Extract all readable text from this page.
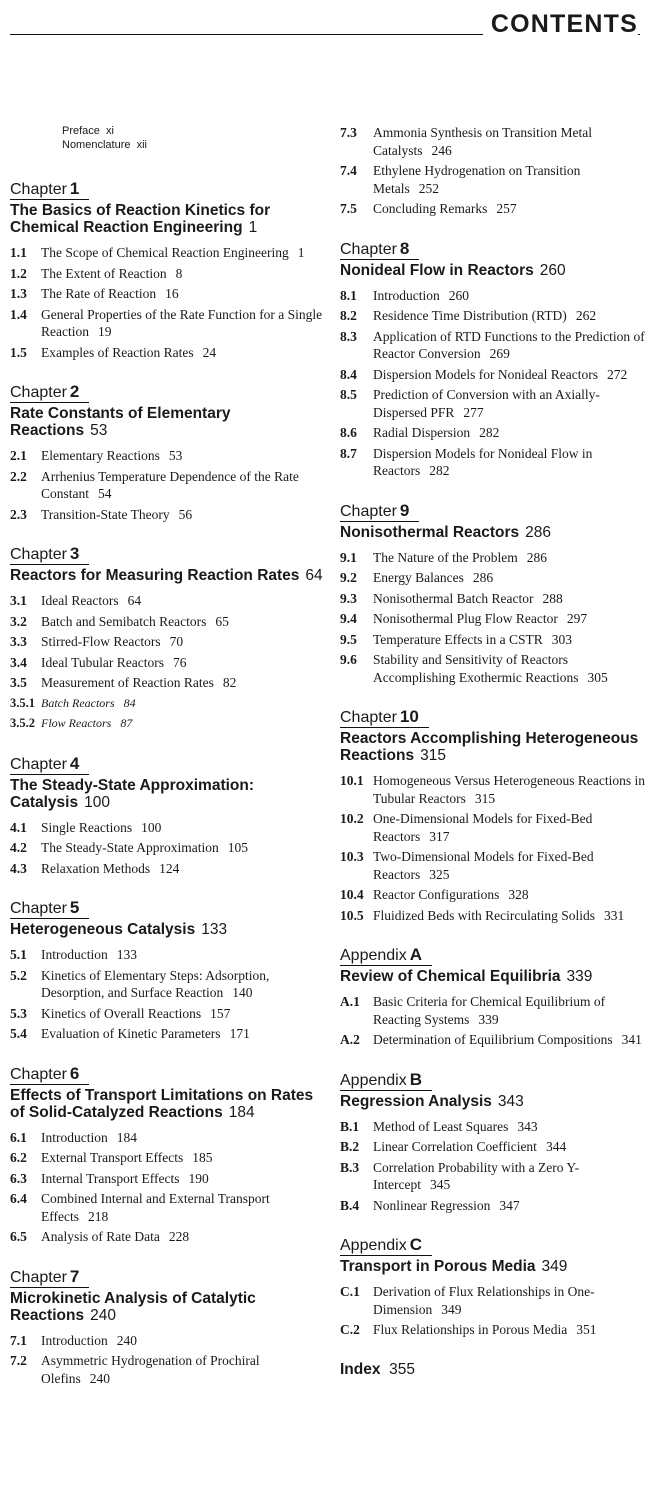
CONTENTS
Preface xi
Nomenclature xii
Chapter 1
The Basics of Reaction Kinetics for Chemical Reaction Engineering 1
1.1	The Scope of Chemical Reaction Engineering 1
1.2	The Extent of Reaction 8
1.3	The Rate of Reaction 16
1.4	General Properties of the Rate Function for a Single Reaction 19
1.5	Examples of Reaction Rates 24
Chapter 2
Rate Constants of Elementary Reactions 53
2.1	Elementary Reactions 53
2.2	Arrhenius Temperature Dependence of the Rate Constant 54
2.3	Transition-State Theory 56
Chapter 3
Reactors for Measuring Reaction Rates 64
3.1	Ideal Reactors 64
3.2	Batch and Semibatch Reactors 65
3.3	Stirred-Flow Reactors 70
3.4	Ideal Tubular Reactors 76
3.5	Measurement of Reaction Rates 82
3.5.1 Batch Reactors 84
3.5.2 Flow Reactors 87
Chapter 4
The Steady-State Approximation: Catalysis 100
4.1	Single Reactions 100
4.2	The Steady-State Approximation 105
4.3	Relaxation Methods 124
Chapter 5
Heterogeneous Catalysis 133
5.1	Introduction 133
5.2	Kinetics of Elementary Steps: Adsorption, Desorption, and Surface Reaction 140
5.3	Kinetics of Overall Reactions 157
5.4	Evaluation of Kinetic Parameters 171
Chapter 6
Effects of Transport Limitations on Rates of Solid-Catalyzed Reactions 184
6.1	Introduction 184
6.2	External Transport Effects 185
6.3	Internal Transport Effects 190
6.4	Combined Internal and External Transport Effects 218
6.5	Analysis of Rate Data 228
Chapter 7
Microkinetic Analysis of Catalytic Reactions 240
7.1	Introduction 240
7.2	Asymmetric Hydrogenation of Prochiral Olefins 240
7.3	Ammonia Synthesis on Transition Metal Catalysts 246
7.4	Ethylene Hydrogenation on Transition Metals 252
7.5	Concluding Remarks 257
Chapter 8
Nonideal Flow in Reactors 260
8.1	Introduction 260
8.2	Residence Time Distribution (RTD) 262
8.3	Application of RTD Functions to the Prediction of Reactor Conversion 269
8.4	Dispersion Models for Nonideal Reactors 272
8.5	Prediction of Conversion with an Axially-Dispersed PFR 277
8.6	Radial Dispersion 282
8.7	Dispersion Models for Nonideal Flow in Reactors 282
Chapter 9
Nonisothermal Reactors 286
9.1	The Nature of the Problem 286
9.2	Energy Balances 286
9.3	Nonisothermal Batch Reactor 288
9.4	Nonisothermal Plug Flow Reactor 297
9.5	Temperature Effects in a CSTR 303
9.6	Stability and Sensitivity of Reactors Accomplishing Exothermic Reactions 305
Chapter 10
Reactors Accomplishing Heterogeneous Reactions 315
10.1 Homogeneous Versus Heterogeneous Reactions in Tubular Reactors 315
10.2 One-Dimensional Models for Fixed-Bed Reactors 317
10.3 Two-Dimensional Models for Fixed-Bed Reactors 325
10.4 Reactor Configurations 328
10.5 Fluidized Beds with Recirculating Solids 331
Appendix A
Review of Chemical Equilibria 339
A.1 Basic Criteria for Chemical Equilibrium of Reacting Systems 339
A.2 Determination of Equilibrium Compositions 341
Appendix B
Regression Analysis 343
B.1	Method of Least Squares 343
B.2	Linear Correlation Coefficient 344
B.3	Correlation Probability with a Zero Y-Intercept 345
B.4	Nonlinear Regression 347
Appendix C
Transport in Porous Media 349
C.1 Derivation of Flux Relationships in One-Dimension 349
C.2 Flux Relationships in Porous Media 351
Index 355
